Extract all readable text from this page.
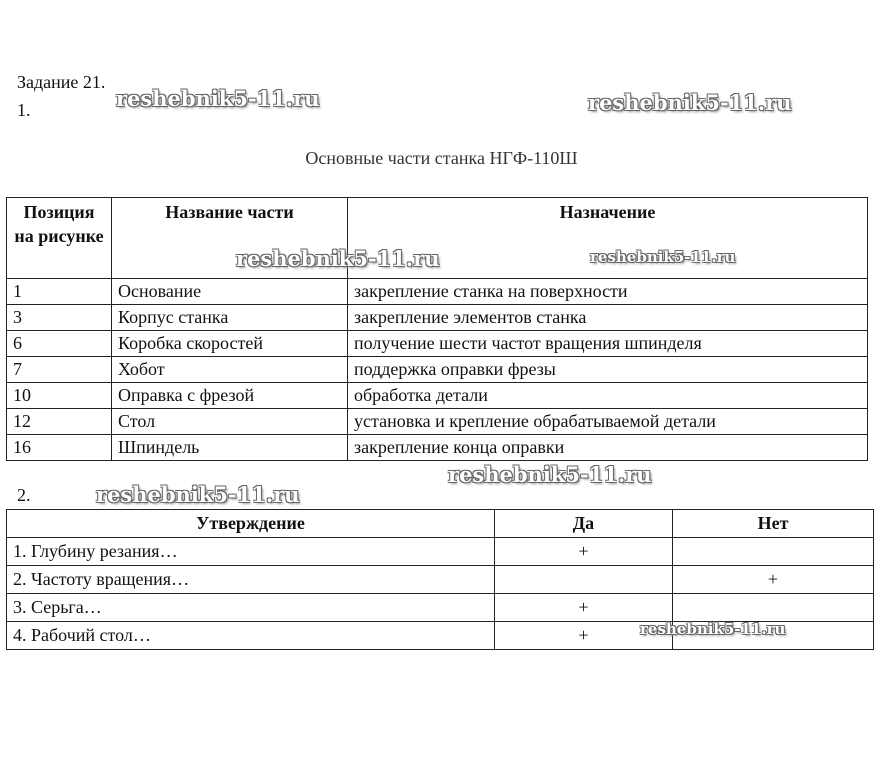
Задание 21.
1.
Основные части станка НГФ-110Ш
Позиция на рисунке	Название части	Назначение
1	Основание	закрепление станка на поверхности
3	Корпус станка	закрепление элементов станка
6	Коробка скоростей	получение шести частот вращения шпинделя
7	Хобот	поддержка оправки фрезы
10	Оправка с фрезой	обработка детали
12	Стол	установка и крепление обрабатываемой детали
16	Шпиндель	закрепление конца оправки
2.
Утверждение	Да	Нет
1. Глубину резания…	+	
2. Частоту вращения…		+
3. Серьга…	+	
4. Рабочий стол…	+	
reshebnik5-11.ru	reshebnik5-11.ru
reshebnik5-11.ru	reshebnik5-11.ru
reshebnik5-11.ru
reshebnik5-11.ru
reshebnik5-11.ru
